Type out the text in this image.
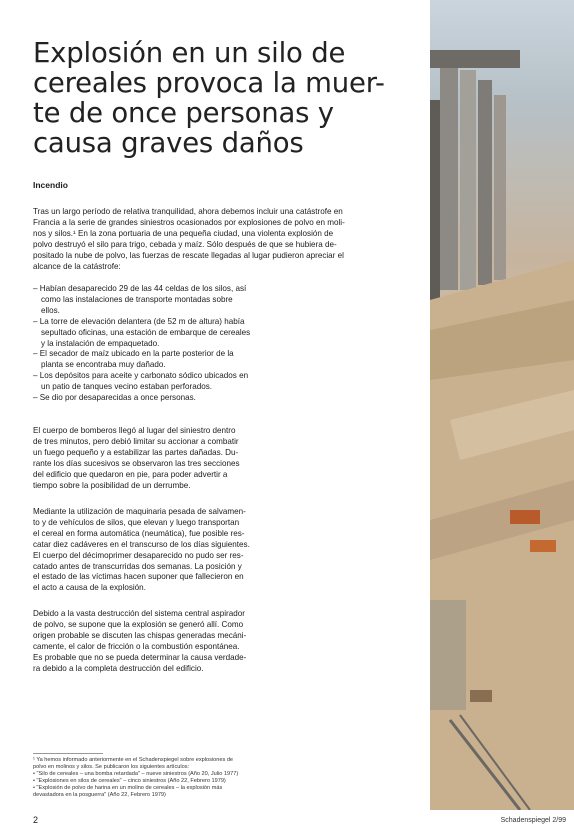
Explosión en un silo de
cereales provoca la muer-
te de once personas y
causa graves daños

Incendio

Tras un largo período de relativa tranquilidad, ahora debemos incluir una catástrofe en
Francia a la serie de grandes siniestros ocasionados por explosiones de polvo en moli-
nos y silos.¹ En la zona portuaria de una pequeña ciudad, una violenta explosión de
polvo destruyó el silo para trigo, cebada y maíz. Sólo después de que se hubiera de-
positado la nube de polvo, las fuerzas de rescate llegadas al lugar pudieron apreciar el
alcance de la catástrofe:
– Habían desaparecido 29 de las 44 celdas de los silos, así
como las instalaciones de transporte montadas sobre
ellos.
– La torre de elevación delantera (de 52 m de altura) había
sepultado oficinas, una estación de embarque de cereales
y la instalación de empaquetado.
– El secador de maíz ubicado en la parte posterior de la
planta se encontraba muy dañado.
– Los depósitos para aceite y carbonato sódico ubicados en
un patio de tanques vecino estaban perforados.
– Se dio por desaparecidas a once personas.
El cuerpo de bomberos llegó al lugar del siniestro dentro
de tres minutos, pero debió limitar su accionar a combatir
un fuego pequeño y a estabilizar las partes dañadas. Du-
rante los días sucesivos se observaron las tres secciones
del edificio que quedaron en pie, para poder advertir a
tiempo sobre la posibilidad de un derrumbe.
Mediante la utilización de maquinaria pesada de salvamen-
to y de vehículos de silos, que elevan y luego transportan
el cereal en forma automática (neumática), fue posible res-
catar diez cadáveres en el transcurso de los días siguientes.
El cuerpo del décimoprimer desaparecido no pudo ser res-
catado antes de transcurridas dos semanas. La posición y
el estado de las víctimas hacen suponer que fallecieron en
el acto a causa de la explosión.
Debido a la vasta destrucción del sistema central aspirador
de polvo, se supone que la explosión se generó allí. Como
origen probable se discuten las chispas generadas mecáni-
camente, el calor de fricción o la combustión espontánea.
Es probable que no se pueda determinar la causa verdade-
ra debido a la completa destrucción del edificio.
¹ Ya hemos informado anteriormente en el Schadenspiegel sobre explosiones de
polvo en molinos y silos. Se publicaron los siguientes artículos:
• "Silo de cereales – una bomba retardada" – nueve siniestros (Año 20, Julio 1977)
• "Explosiones en silos de cereales" – cinco siniestros (Año 22, Febrero 1979)
• "Explosión de polvo de harina en un molino de cereales – la explosión más
devastadora en la posguerra" (Año 22, Febrero 1979)
2	Schadenspiegel 2/99
